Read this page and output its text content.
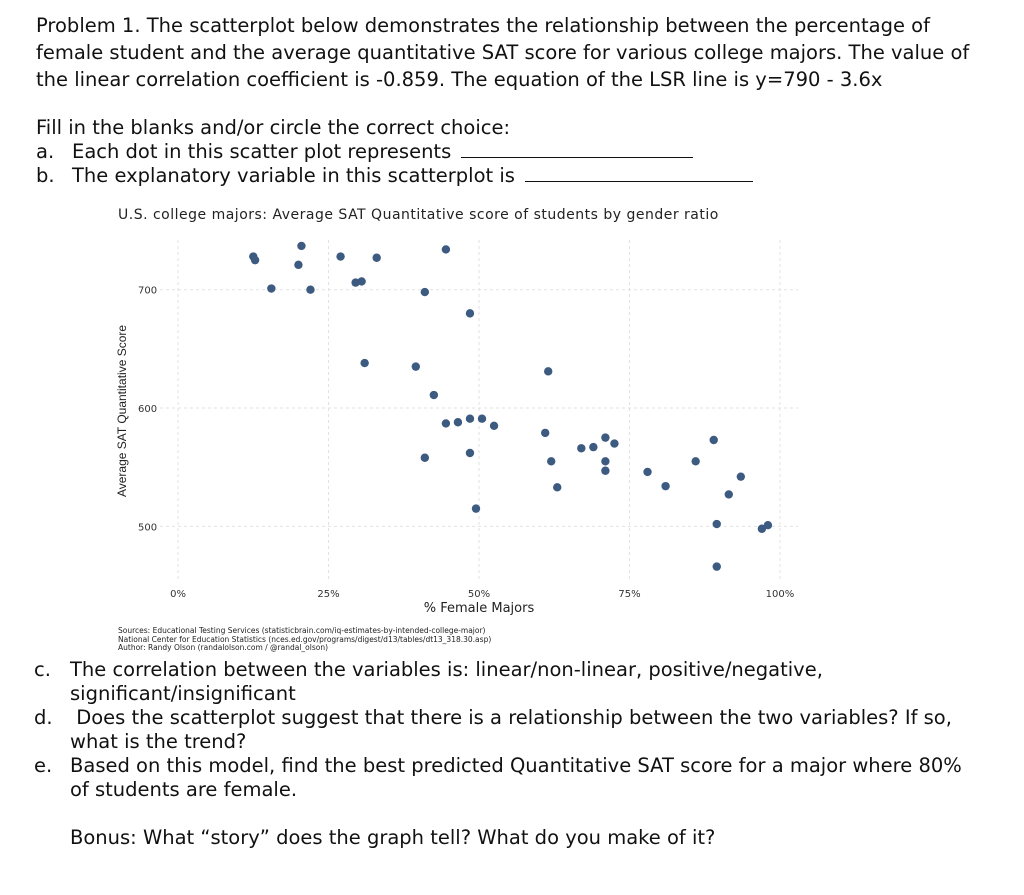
Problem 1. The scatterplot below demonstrates the relationship between the percentage of female student and the average quantitative SAT score for various college majors. The value of the linear correlation coefficient is -0.859. The equation of the LSR line is y=790 - 3.6x

Fill in the blanks and/or circle the correct choice:
a. Each dot in this scatter plot represents
b. The explanatory variable in this scatterplot is

U.S. college majors: Average SAT Quantitative score of students by gender ratio

500
600
700
0%	25%	50%	75%	100%
Average SAT Quantitative Score
% Female Majors
Sources: Educational Testing Services (statisticbrain.com/iq-estimates-by-intended-college-major)
National Center for Education Statistics (nces.ed.gov/programs/digest/d13/tables/dt13_318.30.asp)
Author: Randy Olson (randalolson.com / @randal_olson)
c. The correlation between the variables is: linear/non-linear, positive/negative,
significant/insignificant
d. Does the scatterplot suggest that there is a relationship between the two variables? If so,
what is the trend?
e. Based on this model, find the best predicted Quantitative SAT score for a major where 80%
of students are female.

Bonus: What “story” does the graph tell? What do you make of it?
